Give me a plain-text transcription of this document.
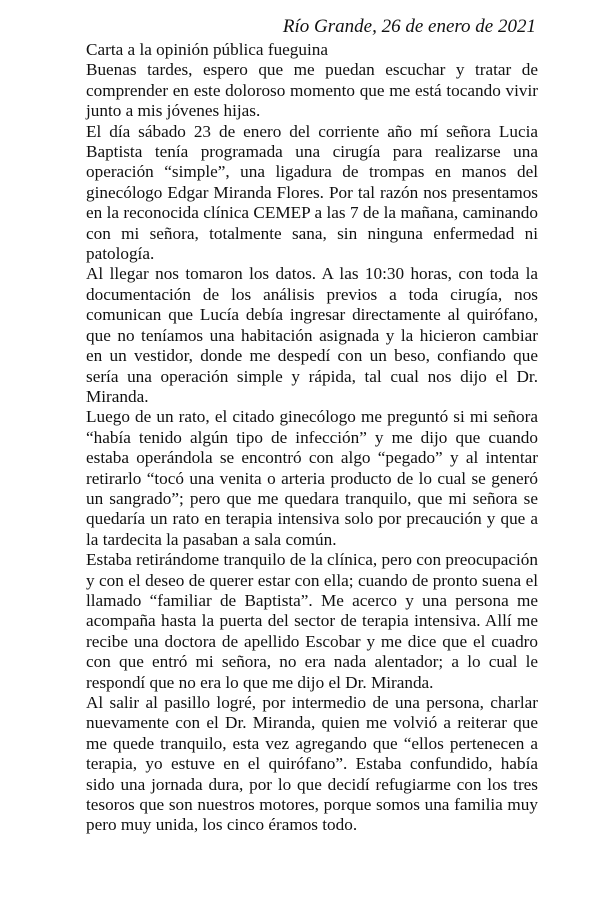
Río Grande, 26 de enero de 2021

Carta a la opinión pública fueguina

Buenas tardes, espero que me puedan escuchar y tratar de comprender en este doloroso momento que me está tocando vivir junto a mis jóvenes hijas.

El día sábado 23 de enero del corriente año mí señora Lucia Baptista tenía programada una cirugía para realizarse una operación “simple”, una ligadura de trompas en manos del ginecólogo Edgar Miranda Flores. Por tal razón nos presentamos en la reconocida clínica CEMEP a las 7 de la mañana, caminando con mi señora, totalmente sana, sin ninguna enfermedad ni patología.

Al llegar nos tomaron los datos. A las 10:30 horas, con toda la documentación de los análisis previos a toda cirugía, nos comunican que Lucía debía ingresar directamente al quirófano, que no teníamos una habitación asignada y la hicieron cambiar en un vestidor, donde me despedí con un beso, confiando que sería una operación simple y rápida, tal cual nos dijo el Dr. Miranda.

Luego de un rato, el citado ginecólogo me preguntó si mi señora “había tenido algún tipo de infección” y me dijo que cuando estaba operándola se encontró con algo “pegado” y al intentar retirarlo “tocó una venita o arteria producto de lo cual se generó un sangrado”; pero que me quedara tranquilo, que mi señora se quedaría un rato en terapia intensiva solo por precaución y que a la tardecita la pasaban a sala común.

Estaba retirándome tranquilo de la clínica, pero con preocupación y con el deseo de querer estar con ella; cuando de pronto suena el llamado “familiar de Baptista”. Me acerco y una persona me acompaña hasta la puerta del sector de terapia intensiva. Allí me recibe una doctora de apellido Escobar y me dice que el cuadro con que entró mi señora, no era nada alentador; a lo cual le respondí que no era lo que me dijo el Dr. Miranda.

Al salir al pasillo logré, por intermedio de una persona, charlar nuevamente con el Dr. Miranda, quien me volvió a reiterar que me quede tranquilo, esta vez agregando que “ellos pertenecen a terapia, yo estuve en el quirófano”. Estaba confundido, había sido una jornada dura, por lo que decidí refugiarme con los tres tesoros que son nuestros motores, porque somos una familia muy pero muy unida, los cinco éramos todo.
